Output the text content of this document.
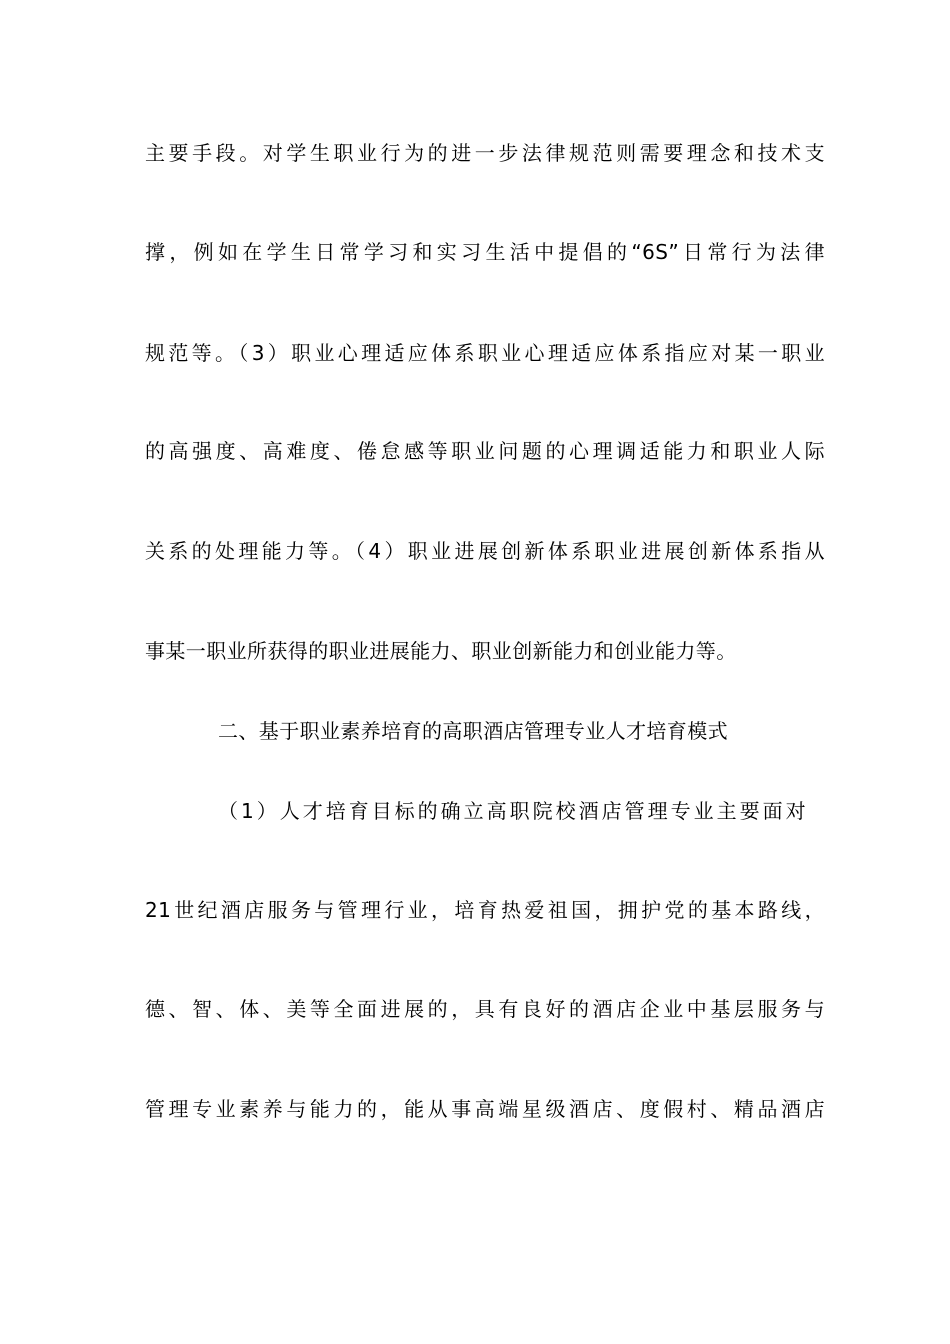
主要手段。对学生职业行为的进一步法律规范则需要理念和技术支
撑，例如在学生日常学习和实习生活中提倡的“6S”日常行为法律
规范等。（3）职业心理适应体系职业心理适应体系指应对某一职业
的高强度、高难度、倦怠感等职业问题的心理调适能力和职业人际
关系的处理能力等。（4）职业进展创新体系职业进展创新体系指从
事某一职业所获得的职业进展能力、职业创新能力和创业能力等。
二、基于职业素养培育的高职酒店管理专业人才培育模式
（1）人才培育目标的确立高职院校酒店管理专业主要面对
21世纪酒店服务与管理行业，培育热爱祖国，拥护党的基本路线，
德、智、体、美等全面进展的，具有良好的酒店企业中基层服务与
管理专业素养与能力的，能从事高端星级酒店、度假村、精品酒店
